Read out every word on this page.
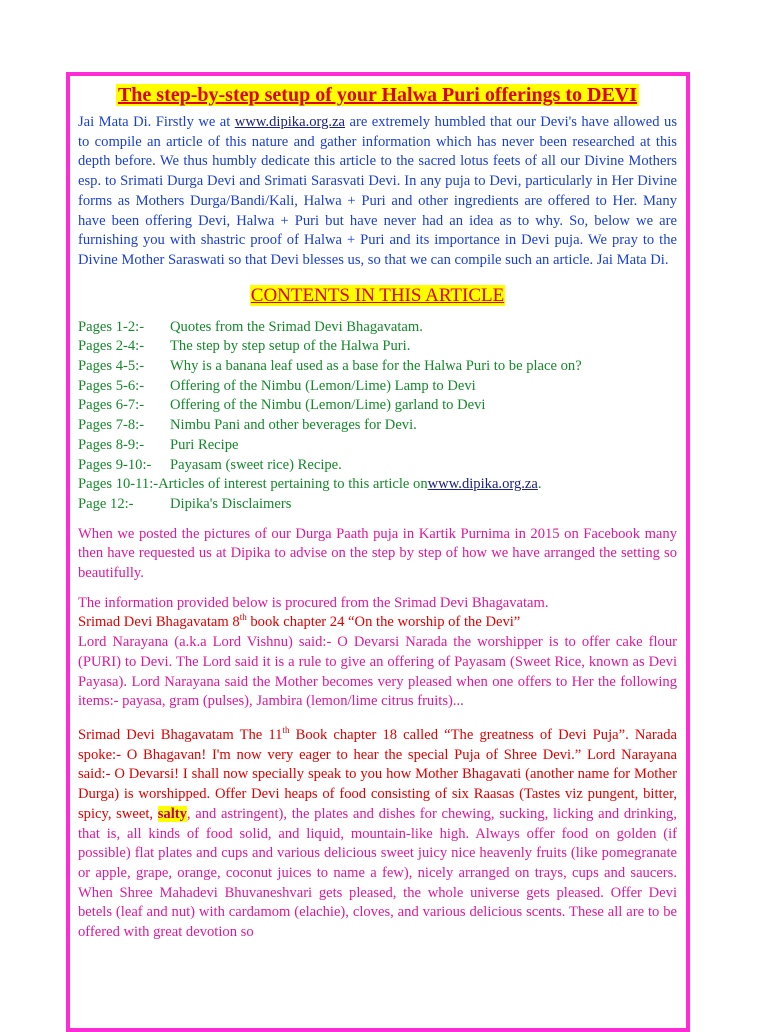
The step-by-step setup of your Halwa Puri offerings to DEVI

Jai Mata Di. Firstly we at www.dipika.org.za are extremely humbled that our Devi's have allowed us to compile an article of this nature and gather information which has never been researched at this depth before. We thus humbly dedicate this article to the sacred lotus feets of all our Divine Mothers esp. to Srimati Durga Devi and Srimati Sarasvati Devi. In any puja to Devi, particularly in Her Divine forms as Mothers Durga/Bandi/Kali, Halwa + Puri and other ingredients are offered to Her. Many have been offering Devi, Halwa + Puri but have never had an idea as to why. So, below we are furnishing you with shastric proof of Halwa + Puri and its importance in Devi puja. We pray to the Divine Mother Saraswati so that Devi blesses us, so that we can compile such an article. Jai Mata Di.

CONTENTS IN THIS ARTICLE
Pages 1-2:-	Quotes from the Srimad Devi Bhagavatam.
Pages 2-4:-	The step by step setup of the Halwa Puri.
Pages 4-5:-	Why is a banana leaf used as a base for the Halwa Puri to be place on?
Pages 5-6:-	Offering of the Nimbu (Lemon/Lime) Lamp to Devi
Pages 6-7:-	Offering of the Nimbu (Lemon/Lime) garland to Devi
Pages 7-8:-	Nimbu Pani and other beverages for Devi.
Pages 8-9:-	Puri Recipe
Pages 9-10:-	Payasam (sweet rice) Recipe.
Pages 10-11:- Articles of interest pertaining to this article on www.dipika.org.za .
Page 12:-	Dipika's Disclaimers

When we posted the pictures of our Durga Paath puja in Kartik Purnima in 2015 on Facebook many then have requested us at Dipika to advise on the step by step of how we have arranged the setting so beautifully.

The information provided below is procured from the Srimad Devi Bhagavatam.

Srimad Devi Bhagavatam 8th book chapter 24 “On the worship of the Devi”

Lord Narayana (a.k.a Lord Vishnu) said:- O Devarsi Narada the worshipper is to offer cake flour (PURI) to Devi. The Lord said it is a rule to give an offering of Payasam (Sweet Rice, known as Devi Payasa). Lord Narayana said the Mother becomes very pleased when one offers to Her the following items:- payasa, gram (pulses), Jambira (lemon/lime citrus fruits)...

Srimad Devi Bhagavatam The 11th Book chapter 18 called “The greatness of Devi Puja”. Narada spoke:- O Bhagavan! I'm now very eager to hear the special Puja of Shree Devi.” Lord Narayana said:- O Devarsi! I shall now specially speak to you how Mother Bhagavati (another name for Mother Durga) is worshipped. Offer Devi heaps of food consisting of six Raasas (Tastes viz pungent, bitter, spicy, sweet, salty, and astringent), the plates and dishes for chewing, sucking, licking and drinking, that is, all kinds of food solid, and liquid, mountain-like high. Always offer food on golden (if possible) flat plates and cups and various delicious sweet juicy nice heavenly fruits (like pomegranate or apple, grape, orange, coconut juices to name a few), nicely arranged on trays, cups and saucers. When Shree Mahadevi Bhuvaneshvari gets pleased, the whole universe gets pleased. Offer Devi betels (leaf and nut) with cardamom (elachie), cloves, and various delicious scents. These all are to be offered with great devotion so
